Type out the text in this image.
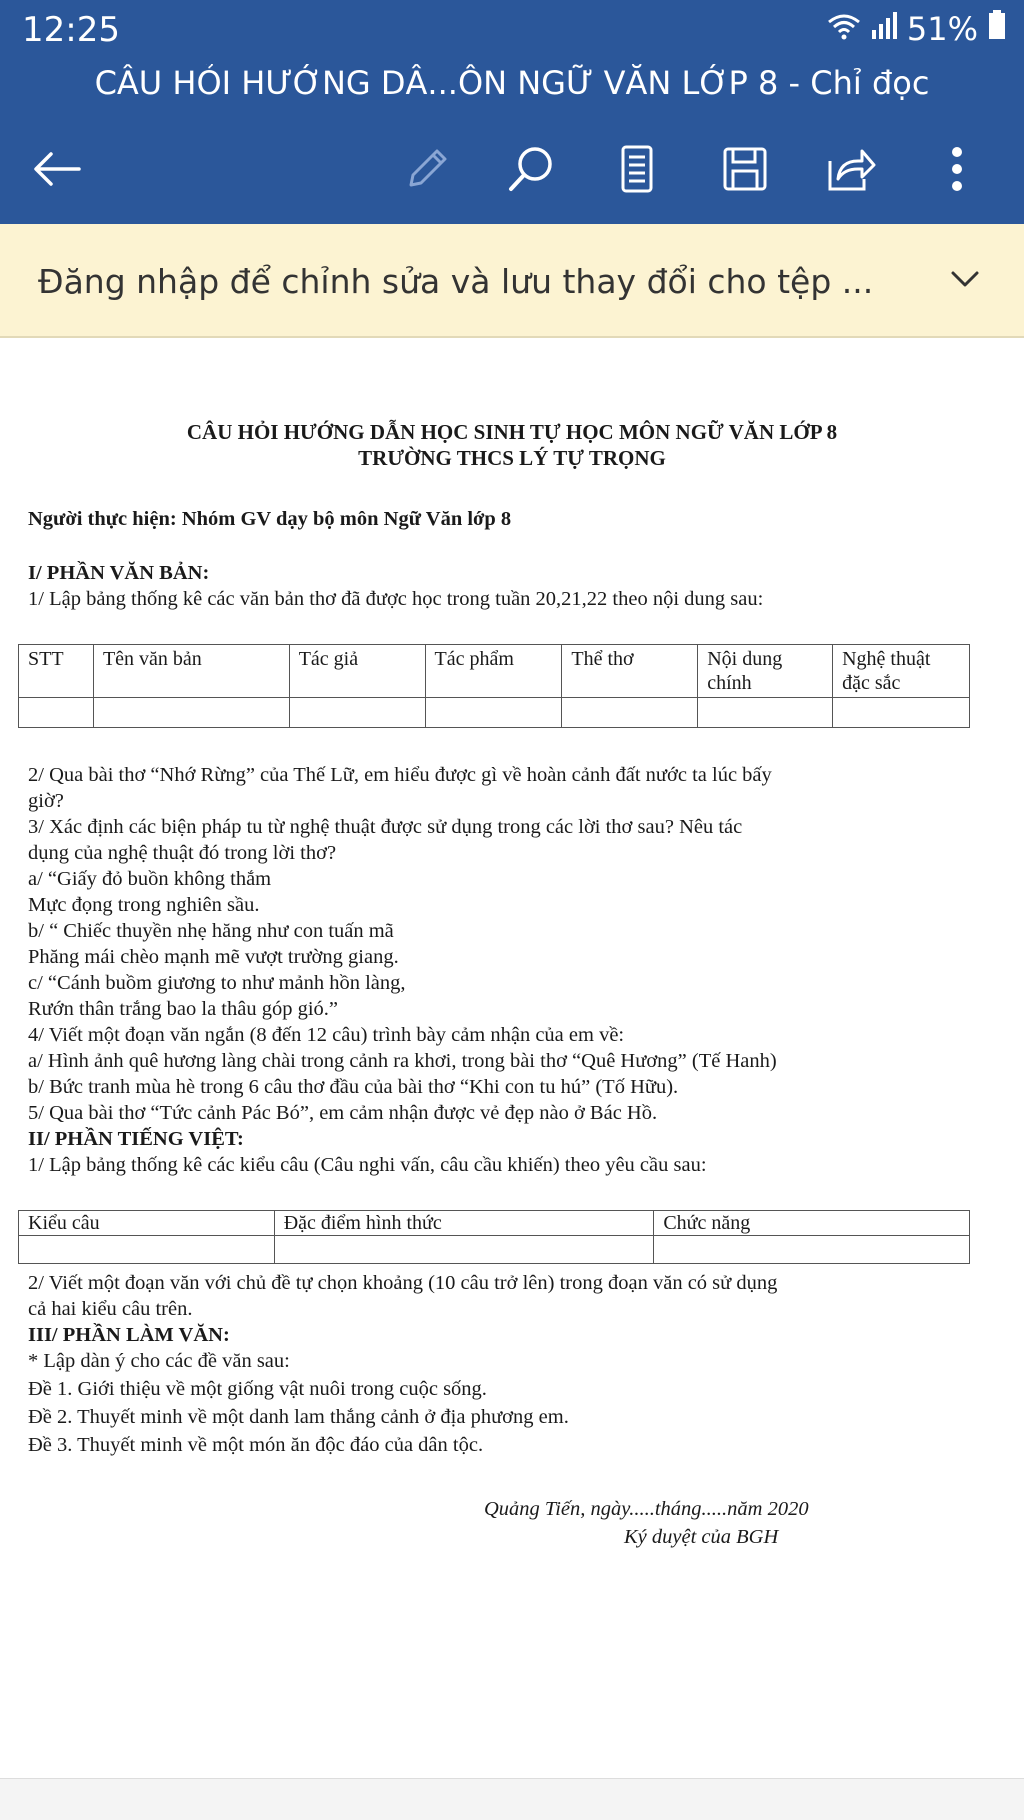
12:25	51%
CÂU HỎI HƯỚNG DẪ...ÔN NGỮ VĂN LỚP 8 - Chỉ đọc
Đăng nhập để chỉnh sửa và lưu thay đổi cho tệp ...
CÂU HỎI HƯỚNG DẪN HỌC SINH TỰ HỌC MÔN NGỮ VĂN LỚP 8
TRƯỜNG THCS LÝ TỰ TRỌNG
Người thực hiện: Nhóm GV dạy bộ môn Ngữ Văn lớp 8
I/ PHẦN VĂN BẢN:
1/ Lập bảng thống kê các văn bản thơ đã được học trong tuần 20,21,22 theo nội dung sau:
STT	Tên văn bản	Tác giả	Tác phẩm	Thể thơ	Nội dung chính	Nghệ thuật đặc sắc

2/ Qua bài thơ “Nhớ Rừng” của Thế Lữ, em hiểu được gì về hoàn cảnh đất nước ta lúc bấy
giờ?
3/ Xác định các biện pháp tu từ nghệ thuật được sử dụng trong các lời thơ sau? Nêu tác
dụng của nghệ thuật đó trong lời thơ?
a/ “Giấy đỏ buồn không thắm
Mực đọng trong nghiên sầu.
b/ “ Chiếc thuyền nhẹ hăng như con tuấn mã
Phăng mái chèo mạnh mẽ vượt trường giang.
c/ “Cánh buồm giương to như mảnh hồn làng,
Rướn thân trắng bao la thâu góp gió.”
4/ Viết một đoạn văn ngắn (8 đến 12 câu) trình bày cảm nhận của em về:
a/ Hình ảnh quê hương làng chài trong cảnh ra khơi, trong bài thơ “Quê Hương” (Tế Hanh)
b/ Bức tranh mùa hè trong 6 câu thơ đầu của bài thơ “Khi con tu hú” (Tố Hữu).
5/ Qua bài thơ “Tức cảnh Pác Bó”, em cảm nhận được vẻ đẹp nào ở Bác Hồ.
II/ PHẦN TIẾNG VIỆT:
1/ Lập bảng thống kê các kiểu câu (Câu nghi vấn, câu cầu khiến) theo yêu cầu sau:
Kiểu câu	Đặc điểm hình thức	Chức năng

2/ Viết một đoạn văn với chủ đề tự chọn khoảng (10 câu trở lên) trong đoạn văn có sử dụng
cả hai kiểu câu trên.
III/ PHẦN LÀM VĂN:
* Lập dàn ý cho các đề văn sau:
Đề 1. Giới thiệu về một giống vật nuôi trong cuộc sống.
Đề 2. Thuyết minh về một danh lam thắng cảnh ở địa phương em.
Đề 3. Thuyết minh về một món ăn độc đáo của dân tộc.
Quảng Tiến, ngày.....tháng.....năm 2020
Ký duyệt của BGH
